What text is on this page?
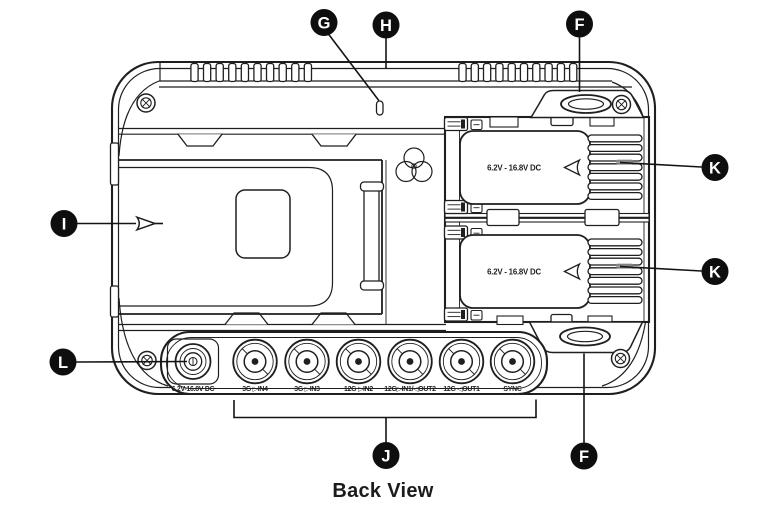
6.2V - 16.8V DC
6.2V - 16.8V DC
6.2V-16.8V DC	3G ▷IN4	3G ▷IN3	12G ▷IN2 12G▷IN1/◁OUT2 12G ◁OUT1	SYNC
G	H	F
I
K
K
L
J	F
Back View
